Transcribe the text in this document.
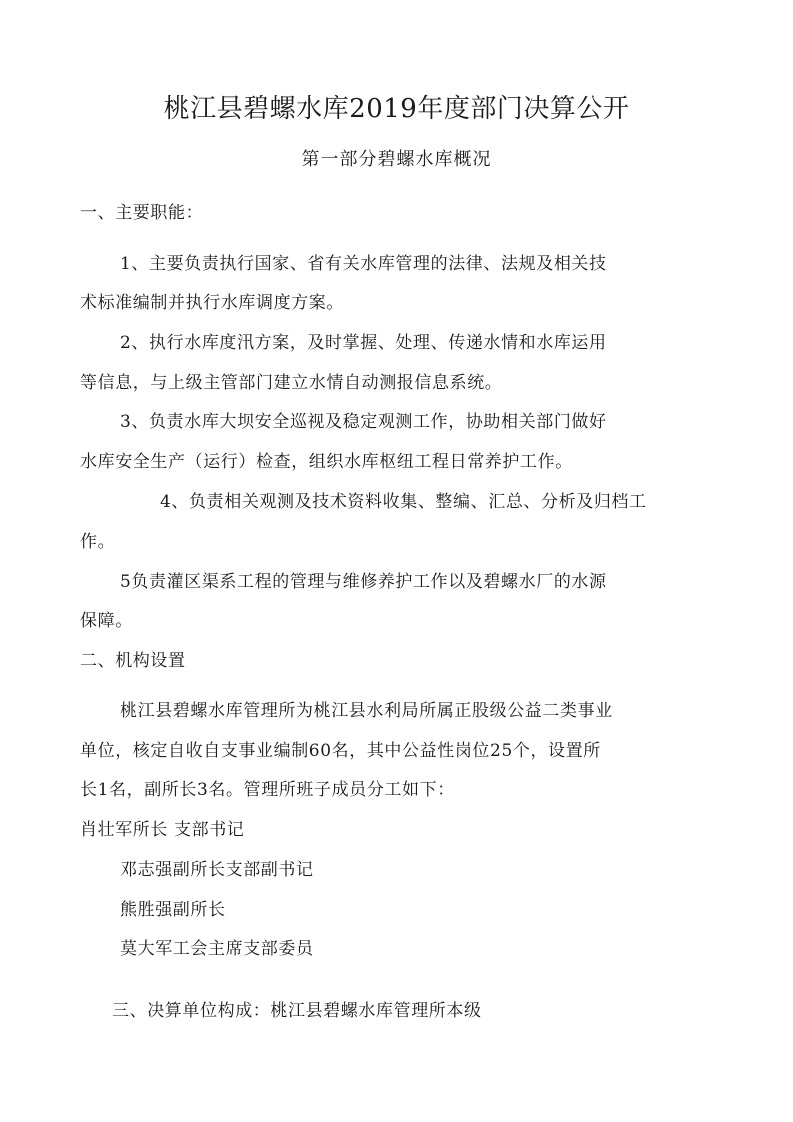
桃江县碧螺水库2019年度部门决算公开
第一部分碧螺水库概况
一、主要职能：
1、主要负责执行国家、省有关水库管理的法律、法规及相关技
术标准编制并执行水库调度方案。
2、执行水库度汛方案，及时掌握、处理、传递水情和水库运用
等信息，与上级主管部门建立水情自动测报信息系统。
3、负责水库大坝安全巡视及稳定观测工作，协助相关部门做好
水库安全生产（运行）检查，组织水库枢纽工程日常养护工作。
4、负责相关观测及技术资料收集、整编、汇总、分析及归档工
作。
5负责灌区渠系工程的管理与维修养护工作以及碧螺水厂的水源
保障。
二、机构设置
桃江县碧螺水库管理所为桃江县水利局所属正股级公益二类事业
单位，核定自收自支事业编制60名，其中公益性岗位25个，设置所
长1名，副所长3名。管理所班子成员分工如下：
肖壮军所长 支部书记
邓志强副所长支部副书记
熊胜强副所长
莫大军工会主席支部委员
三、决算单位构成：桃江县碧螺水库管理所本级
